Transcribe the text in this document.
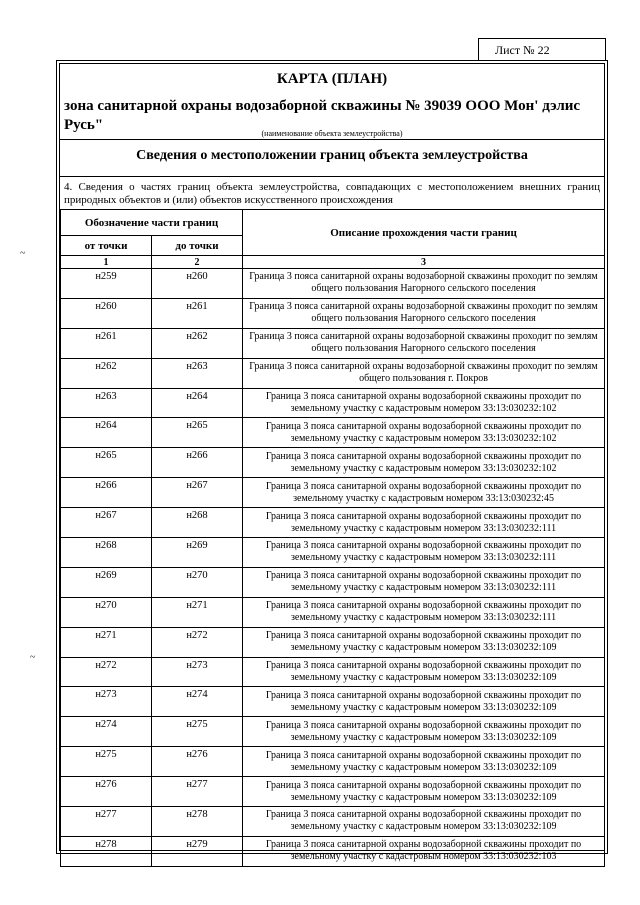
Лист № 22
КАРТА (ПЛАН)
зона санитарной охраны водозаборной скважины № 39039 ООО Мон' дэлис Русь"
(наименование объекта землеустройства)
Сведения о местоположении границ объекта землеустройства
4. Сведения о частях границ объекта землеустройства, совпадающих с местоположением внешних границ природных объектов и (или) объектов искусственного происхождения
Обозначение части границ		Описание прохождения части границ
от точки	до точки	
1	2	3
н259	н260	Граница 3 пояса санитарной охраны водозаборной скважины проходит по землям общего пользования Нагорного сельского поселения
н260	н261	Граница 3 пояса санитарной охраны водозаборной скважины проходит по землям общего пользования Нагорного сельского поселения
н261	н262	Граница 3 пояса санитарной охраны водозаборной скважины проходит по землям общего пользования Нагорного сельского поселения
н262	н263	Граница 3 пояса санитарной охраны водозаборной скважины проходит по землям общего пользования г. Покров
н263	н264	Граница 3 пояса санитарной охраны водозаборной скважины проходит по земельному участку с кадастровым номером 33:13:030232:102
н264	н265	Граница 3 пояса санитарной охраны водозаборной скважины проходит по земельному участку с кадастровым номером 33:13:030232:102
н265	н266	Граница 3 пояса санитарной охраны водозаборной скважины проходит по земельному участку с кадастровым номером 33:13:030232:102
н266	н267	Граница 3 пояса санитарной охраны водозаборной скважины проходит по земельному участку с кадастровым номером 33:13:030232:45
н267	н268	Граница 3 пояса санитарной охраны водозаборной скважины проходит по земельному участку с кадастровым номером 33:13:030232:111
н268	н269	Граница 3 пояса санитарной охраны водозаборной скважины проходит по земельному участку с кадастровым номером 33:13:030232:111
н269	н270	Граница 3 пояса санитарной охраны водозаборной скважины проходит по земельному участку с кадастровым номером 33:13:030232:111
н270	н271	Граница 3 пояса санитарной охраны водозаборной скважины проходит по земельному участку с кадастровым номером 33:13:030232:111
н271	н272	Граница 3 пояса санитарной охраны водозаборной скважины проходит по земельному участку с кадастровым номером 33:13:030232:109
н272	н273	Граница 3 пояса санитарной охраны водозаборной скважины проходит по земельному участку с кадастровым номером 33:13:030232:109
н273	н274	Граница 3 пояса санитарной охраны водозаборной скважины проходит по земельному участку с кадастровым номером 33:13:030232:109
н274	н275	Граница 3 пояса санитарной охраны водозаборной скважины проходит по земельному участку с кадастровым номером 33:13:030232:109
н275	н276	Граница 3 пояса санитарной охраны водозаборной скважины проходит по земельному участку с кадастровым номером 33:13:030232:109
н276	н277	Граница 3 пояса санитарной охраны водозаборной скважины проходит по земельному участку с кадастровым номером 33:13:030232:109
н277	н278	Граница 3 пояса санитарной охраны водозаборной скважины проходит по земельному участку с кадастровым номером 33:13:030232:109
н278	н279	Граница 3 пояса санитарной охраны водозаборной скважины проходит по земельному участку с кадастровым номером 33:13:030232:103
~
~
